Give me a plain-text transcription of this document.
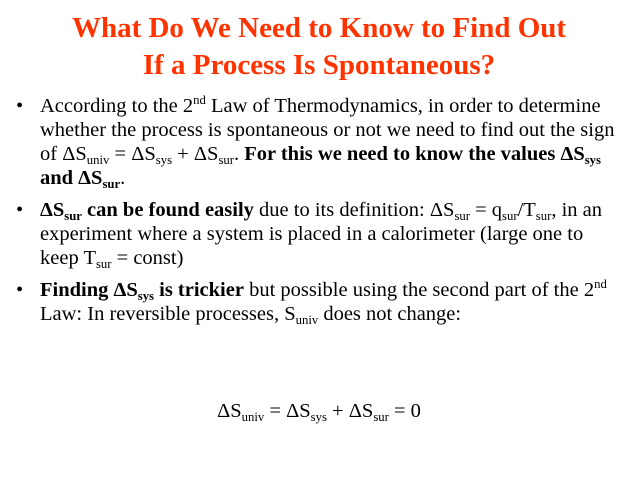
What Do We Need to Know to Find Out
If a Process Is Spontaneous?
• According to the 2nd Law of Thermodynamics, in order to determine whether the process is spontaneous or not we need to find out the sign of $\Delta S_{univ} = \Delta S_{sys} + \Delta S_{sur}$. For this we need to know the values $\Delta S_{sys}$ and $\Delta S_{sur}$.
• $\Delta S_{sur}$ can be found easily due to its definition: $\Delta S_{sur} = q_{sur}/T_{sur}$, in an experiment where a system is placed in a calorimeter (large one to keep $T_{sur}$ = const)
• Finding $\Delta S_{sys}$ is trickier but possible using the second part of the 2nd Law: In reversible processes, $S_{univ}$ does not change:
$\Delta S_{univ} = \Delta S_{sys} + \Delta S_{sur} = 0$
